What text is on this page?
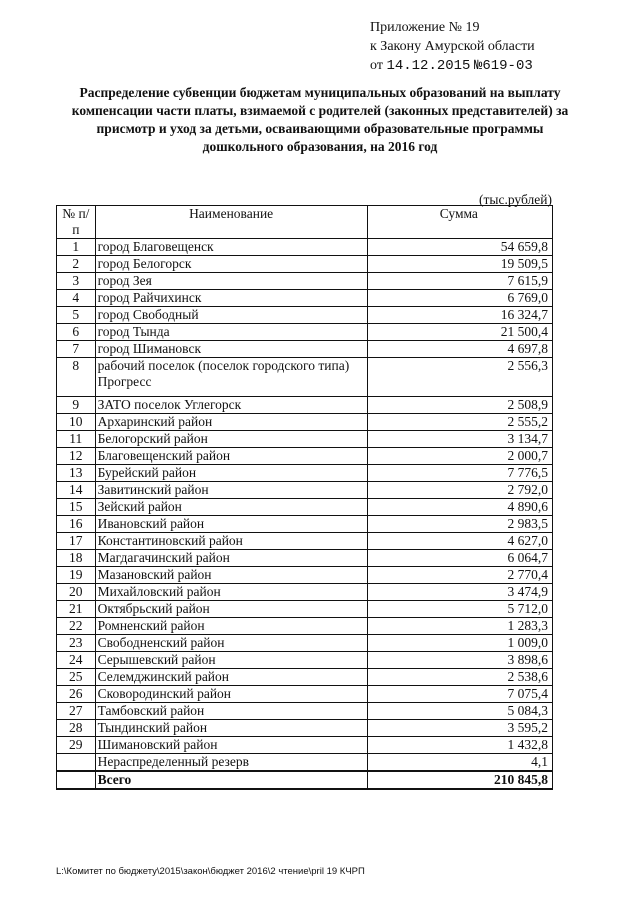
Приложение № 19
к Закону Амурской области
от 14.12.2015 №619-03
Распределение субвенции бюджетам муниципальных образований на выплату компенсации части платы, взимаемой с родителей (законных представителей) за присмотр и уход за детьми, осваивающими образовательные программы дошкольного образования, на 2016 год
(тыс.рублей)
№ п/п	Наименование	Сумма
1	город Благовещенск	54 659,8
2	город Белогорск	19 509,5
3	город Зея	7 615,9
4	город Райчихинск	6 769,0
5	город Свободный	16 324,7
6	город Тында	21 500,4
7	город Шимановск	4 697,8
8	рабочий поселок (поселок городского типа) Прогресс	2 556,3
9	ЗАТО поселок Углегорск	2 508,9
10	Архаринский район	2 555,2
11	Белогорский район	3 134,7
12	Благовещенский район	2 000,7
13	Бурейский район	7 776,5
14	Завитинский район	2 792,0
15	Зейский район	4 890,6
16	Ивановский район	2 983,5
17	Константиновский район	4 627,0
18	Магдагачинский район	6 064,7
19	Мазановский район	2 770,4
20	Михайловский район	3 474,9
21	Октябрьский район	5 712,0
22	Ромненский район	1 283,3
23	Свободненский район	1 009,0
24	Серышевский район	3 898,6
25	Селемджинский район	2 538,6
26	Сковородинский район	7 075,4
27	Тамбовский район	5 084,3
28	Тындинский район	3 595,2
29	Шимановский район	1 432,8
	Нераспределенный резерв	4,1
	Всего	210 845,8
L:\Комитет по бюджету\2015\закон\бюджет 2016\2 чтение\pril 19 КЧРП
